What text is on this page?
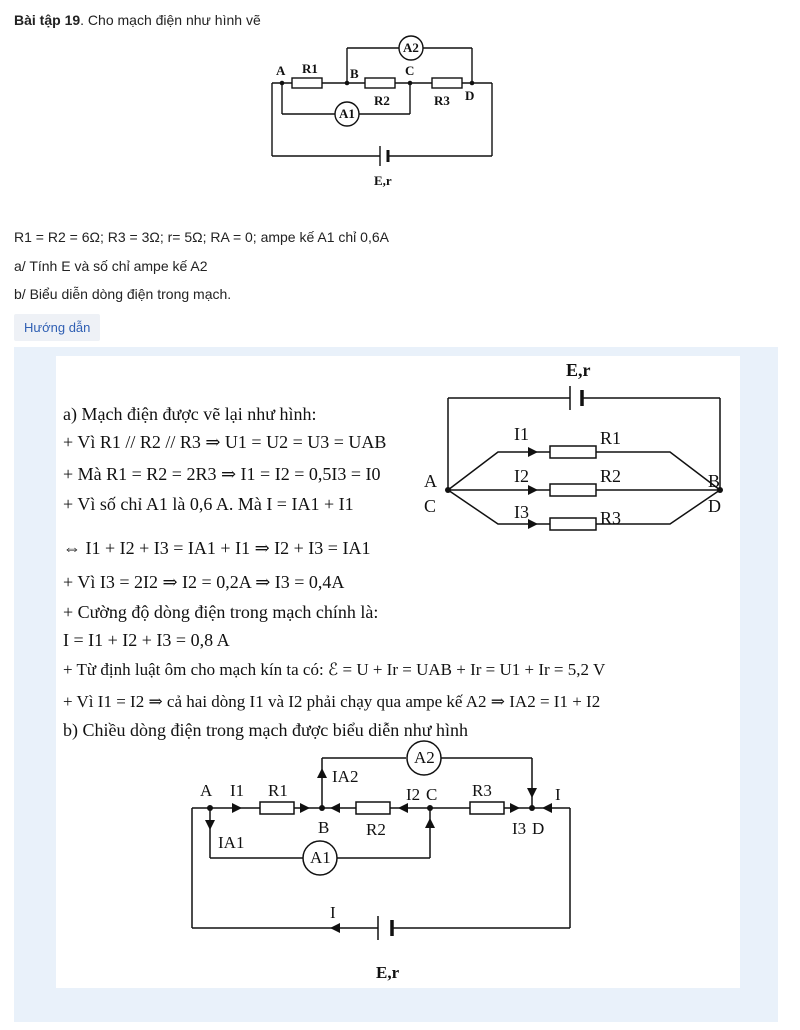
Bài tập 19. Cho mạch điện như hình vẽ
A R1 B	C
A2
R2	R3 D
A1
E,r
R1 = R2 = 6Ω; R3 = 3Ω; r= 5Ω; RA = 0; ampe kế A1 chỉ 0,6A
a/ Tính E và số chỉ ampe kế A2
b/ Biểu diễn dòng điện trong mạch.
Hướng dẫn
a) Mạch điện được vẽ lại như hình:
+ Vì R1 // R2 // R3 ⇒ U1 = U2 = U3 = UAB
+ Mà R1 = R2 = 2R3 ⇒ I1 = I2 = 0,5I3 = I0
+ Vì số chỉ A1 là 0,6 A. Mà I = IA1 + I1
⇔ I1 + I2 + I3 = IA1 + I1 ⇒ I2 + I3 = IA1
+ Vì I3 = 2I2 ⇒ I2 = 0,2A ⇒ I3 = 0,4A
+ Cường độ dòng điện trong mạch chính là:
I = I1 + I2 + I3 = 0,8 A
+ Từ định luật ôm cho mạch kín ta có: ℰ = U + Ir = UAB + Ir = U1 + Ir = 5,2 V
+ Vì I1 = I2 ⇒ cả hai dòng I1 và I2 phải chạy qua ampe kế A2 ⇒ IA2 = I1 + I2
b) Chiều dòng điện trong mạch được biểu diễn như hình
E,r
I1	R1
I2	R2
I3	R3
A
C
B
D
A2
IA2
A I1 R1	I2 C R3	I
B R2	I3 D
IA1
A1
I
E,r
